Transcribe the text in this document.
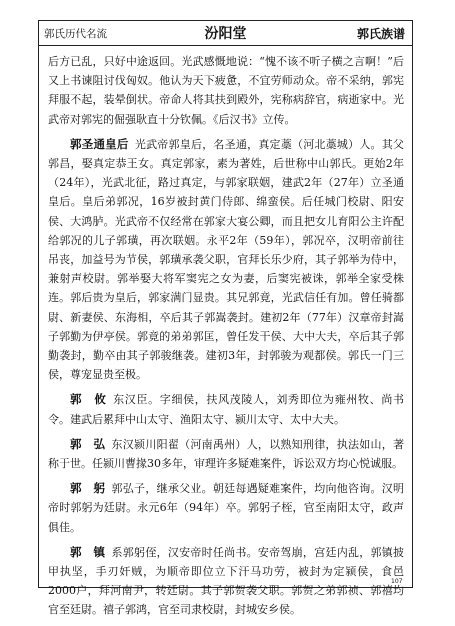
郭氏历代名流	汾阳堂	郭氏族谱

后方已乱，只好中途返回。光武感慨地说：“愧不该不听子横之言啊！”后又上书谏阻讨伐匈奴。他认为天下疲惫，不宜劳师动众。帝不采纳，郭宪拜服不起，装晕倒状。帝命人将其扶到殿外，宪称病辞官，病逝家中。光武帝对郭宪的倔强耿直十分钦佩。《后汉书》立传。

郭圣通皇后 光武帝郭皇后，名圣通，真定藁（河北藁城）人。其父郭昌，娶真定恭王女。真定郭家，素为著姓，后世称中山郭氏。更始2年（24年），光武北征，路过真定，与郭家联姻，建武2年（27年）立圣通皇后。皇后弟郭况，16岁被封黄门侍郎、绵蛮侯。后任城门校尉、阳安侯、大鸿胪。光武帝不仅经常在郭家大宴公卿，而且把女儿育阳公主许配给郭况的儿子郭璜，再次联姻。永平2年（59年），郭况卒，汉明帝前往吊丧，加益号为节侯，郭璜承袭父职，官拜长乐少府，其子郭举为侍中，兼射声校尉。郭举娶大将军窦宪之女为妻，后窦宪被诛，郭举全家受株连。郭后贵为皇后，郭家满门显贵。其兄郭竟，光武信任有加。曾任骑都尉、新妻侯、东海相，卒后其子郭嵩袭封。建初2年（77年）汉章帝封嵩子郭勤为伊亭侯。郭竟的弟弟郭匡，曾任发干侯、大中大夫，卒后其子郭勤袭封，勤卒由其子郭骏继袭。建初3年，封郭骏为观都侯。郭氏一门三侯，尊宠显贵至极。

郭　攸 东汉臣。字细侯，扶风茂陵人，刘秀即位为雍州牧、尚书令。建武后累拜中山太守、渔阳太守、颍川太守、太中大夫。

郭　弘 东汉颍川阳翟（河南禹州）人，以熟知刑律，执法如山，著称于世。任颍川曹掾30多年，审理许多疑难案件，诉讼双方均心悦诚服。

郭　躬 郭弘子，继承父业。朝廷每遇疑难案件，均向他咨询。汉明帝时郭躬为廷尉。永元6年（94年）卒。郭躬子桎，官至南阳太守，政声俱佳。

郭　镇 系郭躬侄，汉安帝时任尚书。安帝驾崩，宫廷内乱，郭镇披甲执坚，手刃奸贼，为顺帝即位立下汗马功劳，被封为定颍侯，食邑2000户，拜河南尹，转廷尉。其子郭贺袭父职。郭贺之弟郭祯、郭禧均官至廷尉。禧子郭鸿，官至司隶校尉，封城安乡侯。

107
